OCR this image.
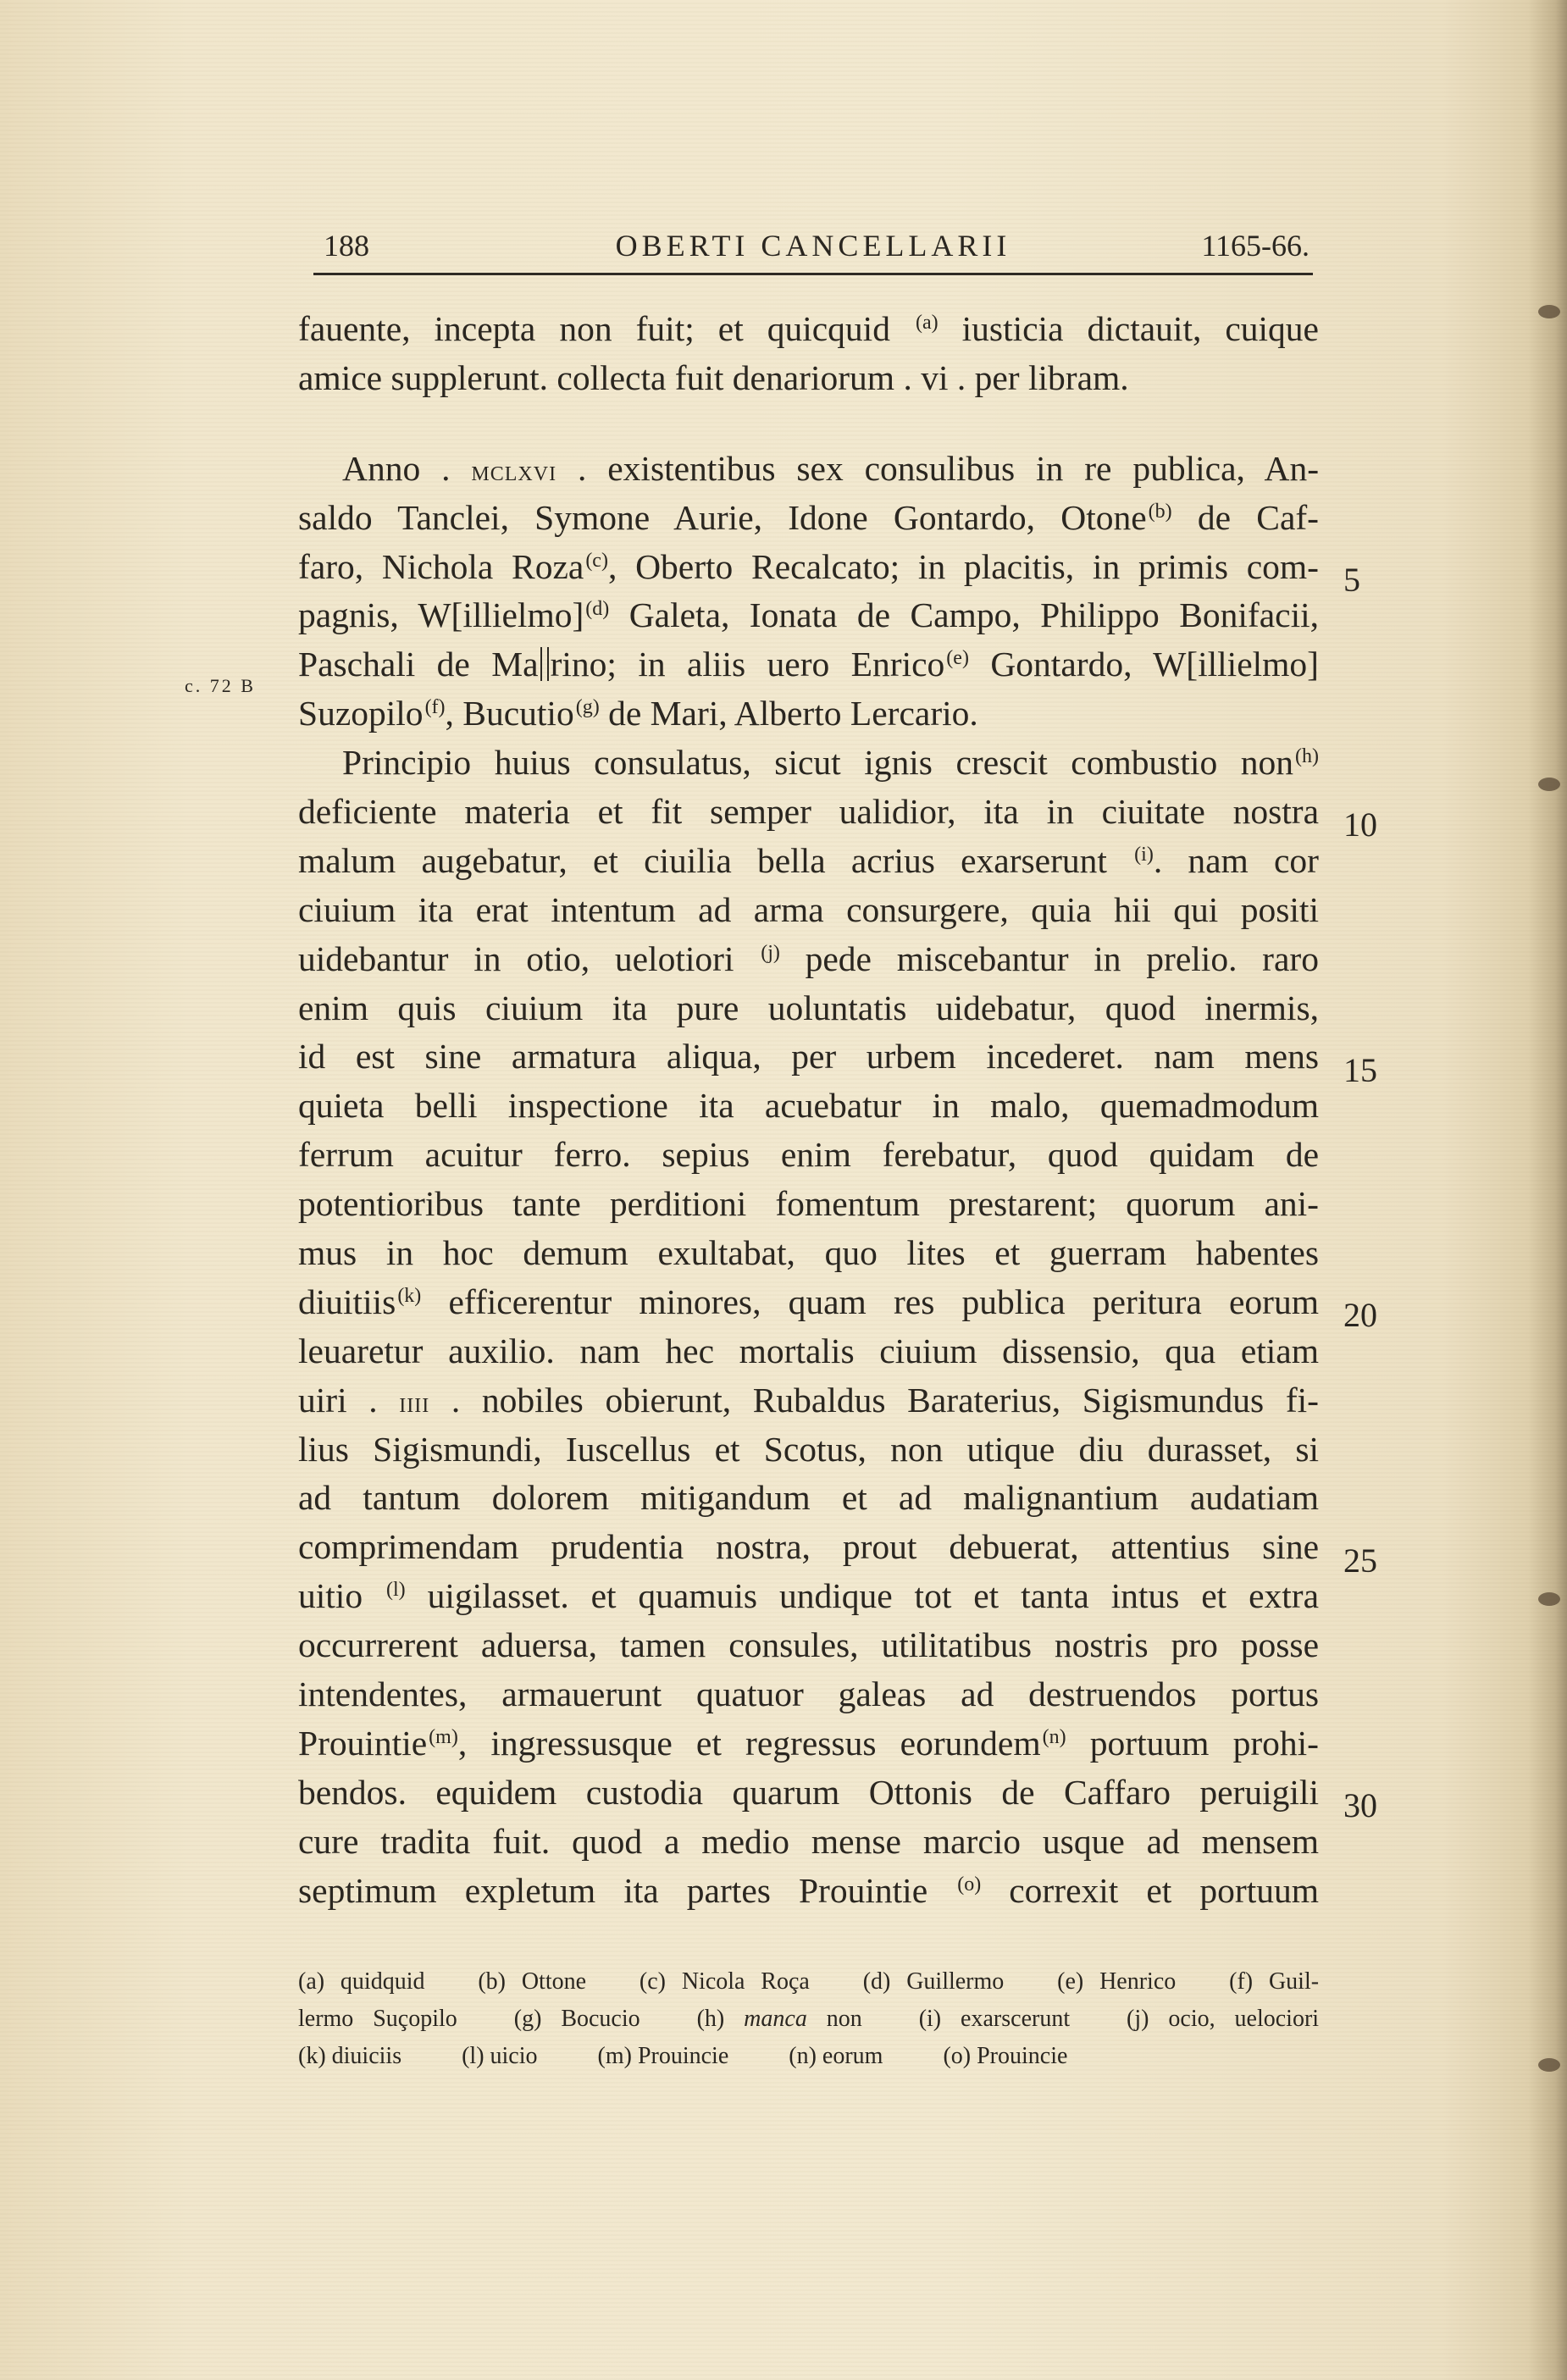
188	OBERTI CANCELLARII	1165-66.
c. 72 B
fauente, incepta non fuit; et quicquid $^{(a)}$ iusticia dictauit, cuique
amice supplerunt. collecta fuit denariorum . vi . per libram.
Anno . mclxvi . existentibus sex consulibus in re publica, An-
saldo Tanclei, Symone Aurie, Idone Gontardo, Otone$^{(b)}$ de Caf-
faro, Nichola Roza$^{(c)}$, Oberto Recalcato; in placitis, in primis com-
pagnis, W[illielmo]$^{(d)}$ Galeta, Ionata de Campo, Philippo Bonifacii,
Paschali de Ma rino; in aliis uero Enrico$^{(e)}$ Gontardo, W[illielmo]
Suzopilo$^{(f)}$, Bucutio$^{(g)}$ de Mari, Alberto Lercario.
Principio huius consulatus, sicut ignis crescit combustio non$^{(h)}$
deficiente materia et fit semper ualidior, ita in ciuitate nostra
malum augebatur, et ciuilia bella acrius exarserunt $^{(i)}$. nam cor
ciuium ita erat intentum ad arma consurgere, quia hii qui positi
uidebantur in otio, uelotiori $^{(j)}$ pede miscebantur in prelio. raro
enim quis ciuium ita pure uoluntatis uidebatur, quod inermis,
id est sine armatura aliqua, per urbem incederet. nam mens
quieta belli inspectione ita acuebatur in malo, quemadmodum
ferrum acuitur ferro. sepius enim ferebatur, quod quidam de
potentioribus tante perditioni fomentum prestarent; quorum ani-
mus in hoc demum exultabat, quo lites et guerram habentes
diuitiis$^{(k)}$ efficerentur minores, quam res publica peritura eorum
leuaretur auxilio. nam hec mortalis ciuium dissensio, qua etiam
uiri . iiii . nobiles obierunt, Rubaldus Baraterius, Sigismundus fi-
lius Sigismundi, Iuscellus et Scotus, non utique diu durasset, si
ad tantum dolorem mitigandum et ad malignantium audatiam
comprimendam prudentia nostra, prout debuerat, attentius sine
uitio $^{(l)}$ uigilasset. et quamuis undique tot et tanta intus et extra
occurrerent aduersa, tamen consules, utilitatibus nostris pro posse
intendentes, armauerunt quatuor galeas ad destruendos portus
Prouintie$^{(m)}$, ingressusque et regressus eorundem$^{(n)}$ portuum prohi-
bendos. equidem custodia quarum Ottonis de Caffaro peruigili
cure tradita fuit. quod a medio mense marcio usque ad mensem
septimum expletum ita partes Prouintie $^{(o)}$ correxit et portuum
5
10
15
20
25
30
(a) quidquid (b) Ottone (c) Nicola Roça (d) Guillermo (e) Henrico (f) Guil-
lermo Suçopilo (g) Bocucio (h) manca non (i) exarscerunt (j) ocio, uelociori
(k) diuiciis	(l) uicio	(m) Prouincie	(n) eorum	(o) Prouincie
